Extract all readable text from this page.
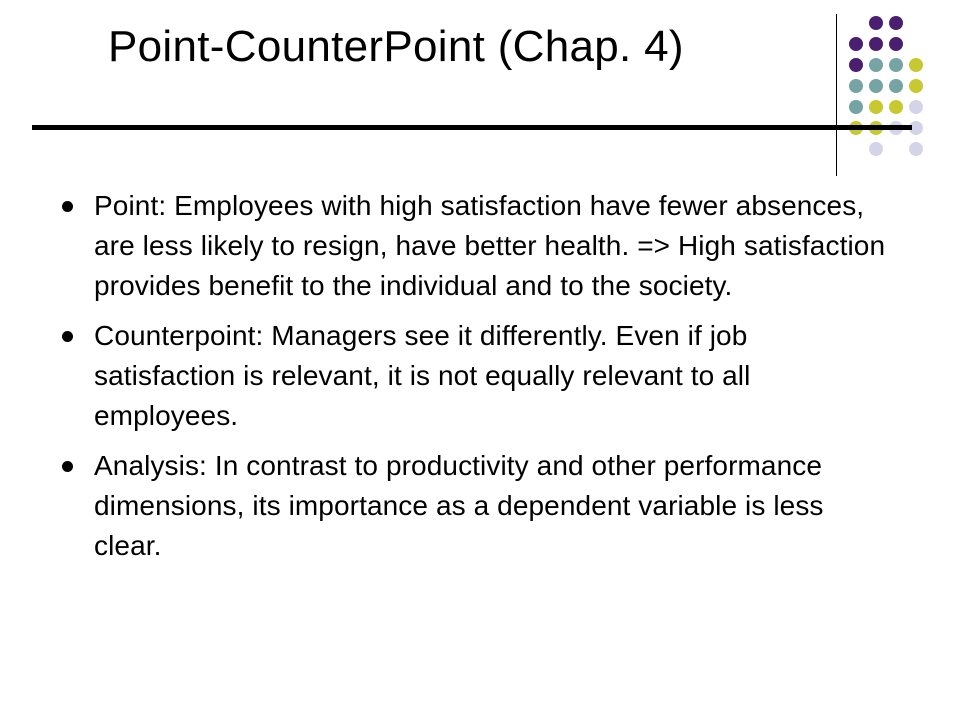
Point-CounterPoint (Chap. 4)
Point: Employees with high satisfaction have fewer absences, are less likely to resign, have better health. => High satisfaction provides benefit to the individual and to the society.
Counterpoint: Managers see it differently. Even if job satisfaction is relevant, it is not equally relevant to all employees.
Analysis: In contrast to productivity and other performance dimensions, its importance as a dependent variable is less clear.
